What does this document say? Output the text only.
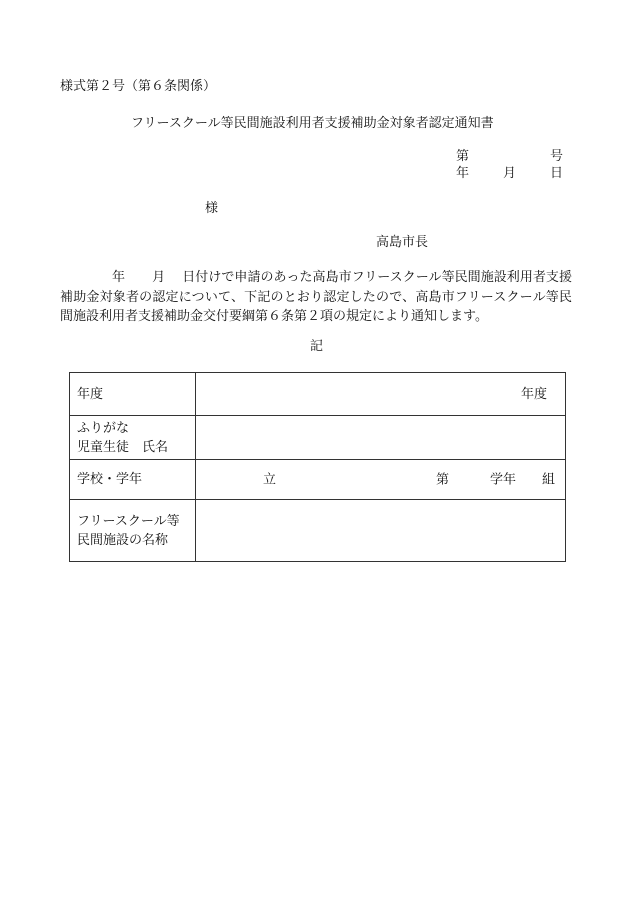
様式第２号（第６条関係）
フリースクール等民間施設利用者支援補助金対象者認定通知書
第	号
年	月	日
様
高島市長
年 月 日付けで申請のあった高島市フリースクール等民間施設利用者支援補助金対象者の認定について、下記のとおり認定したので、高島市フリースクール等民間施設利用者支援補助金交付要綱第６条第２項の規定により通知します。
記
年度	年度

ふりがな
児童生徒　氏名	

学校・学年	立 第 学年 組

フリースクール等
民間施設の名称	
